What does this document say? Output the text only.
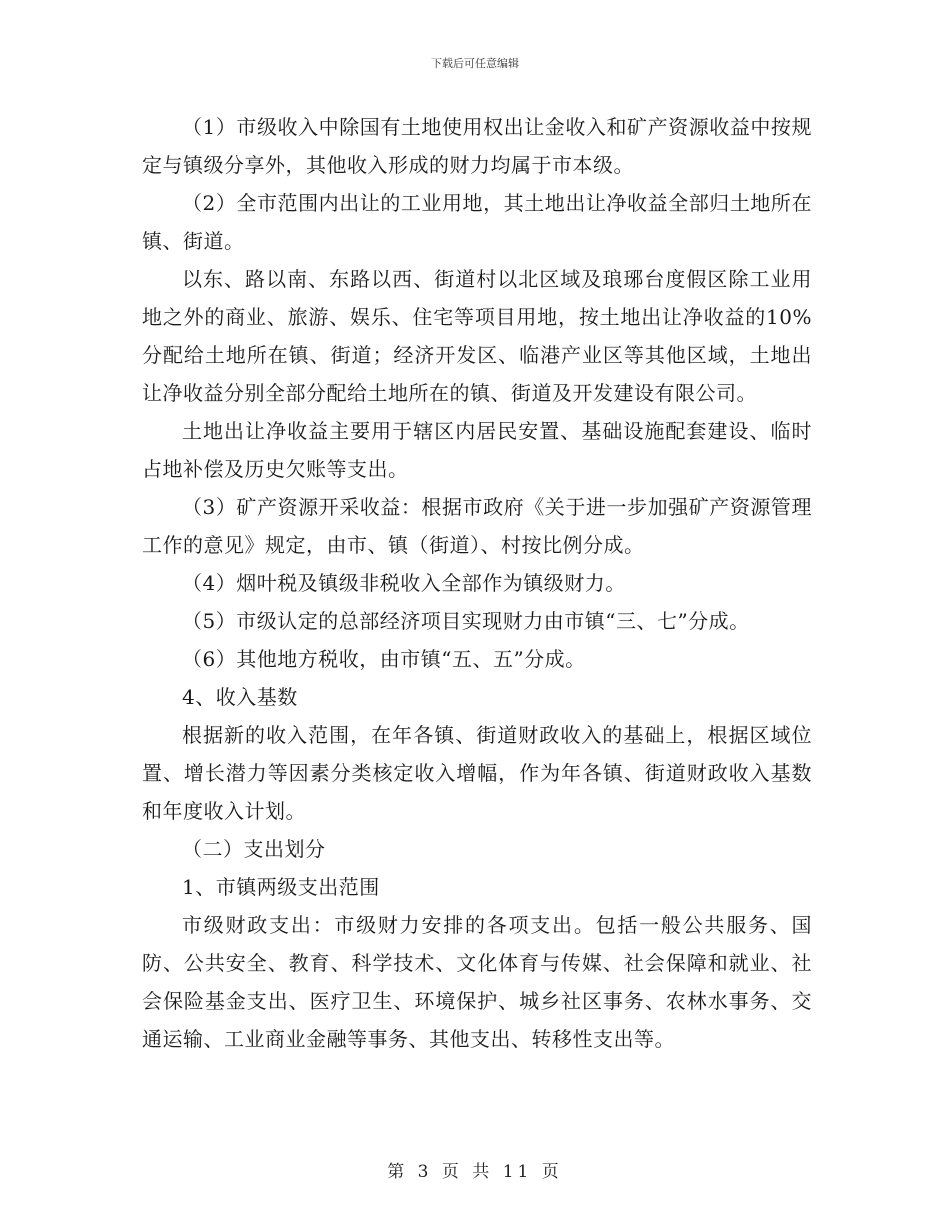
下载后可任意编辑

（1）市级收入中除国有土地使用权出让金收入和矿产资源收益中按规定与镇级分享外，其他收入形成的财力均属于市本级。

（2）全市范围内出让的工业用地，其土地出让净收益全部归土地所在镇、街道。

以东、路以南、东路以西、街道村以北区域及琅琊台度假区除工业用地之外的商业、旅游、娱乐、住宅等项目用地，按土地出让净收益的10%分配给土地所在镇、街道；经济开发区、临港产业区等其他区域，土地出让净收益分别全部分配给土地所在的镇、街道及开发建设有限公司。

土地出让净收益主要用于辖区内居民安置、基础设施配套建设、临时占地补偿及历史欠账等支出。

（3）矿产资源开采收益：根据市政府《关于进一步加强矿产资源管理工作的意见》规定，由市、镇（街道）、村按比例分成。

（4）烟叶税及镇级非税收入全部作为镇级财力。

（5）市级认定的总部经济项目实现财力由市镇“三、七”分成。

（6）其他地方税收，由市镇“五、五”分成。

4、收入基数

根据新的收入范围，在年各镇、街道财政收入的基础上，根据区域位置、增长潜力等因素分类核定收入增幅，作为年各镇、街道财政收入基数和年度收入计划。

（二）支出划分

1、市镇两级支出范围

市级财政支出：市级财力安排的各项支出。包括一般公共服务、国防、公共安全、教育、科学技术、文化体育与传媒、社会保障和就业、社会保险基金支出、医疗卫生、环境保护、城乡社区事务、农林水事务、交通运输、工业商业金融等事务、其他支出、转移性支出等。

第 3 页 共 11 页
